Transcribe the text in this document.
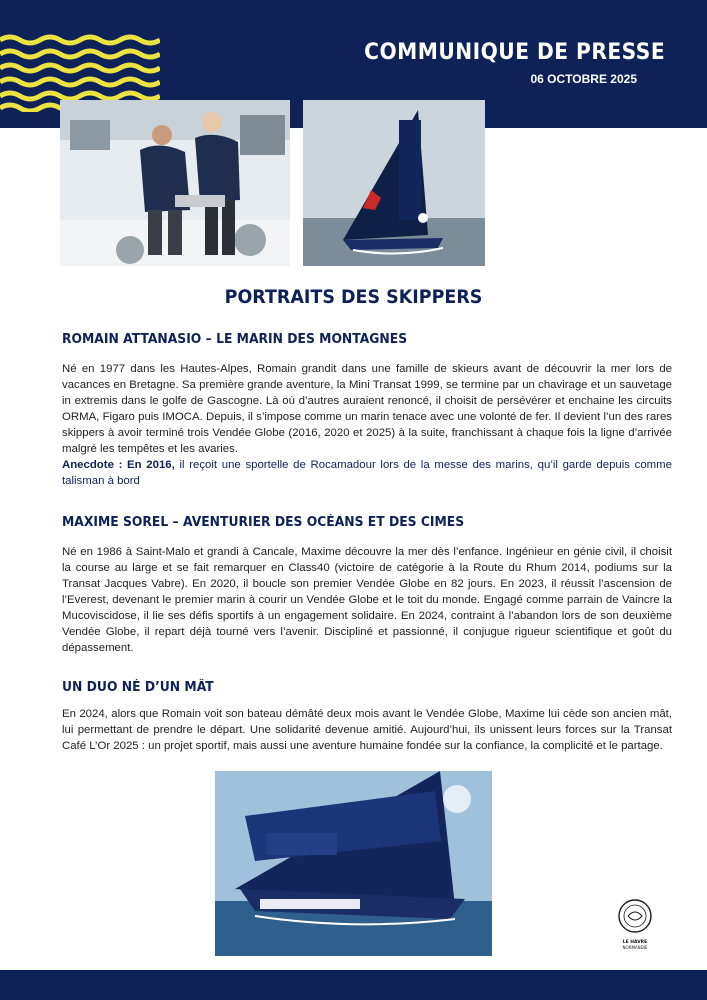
COMMUNIQUE DE PRESSE
06 OCTOBRE 2025
PORTRAITS DES SKIPPERS
ROMAIN ATTANASIO – LE MARIN DES MONTAGNES
Né en 1977 dans les Hautes-Alpes, Romain grandit dans une famille de skieurs avant de découvrir la mer lors de vacances en Bretagne. Sa première grande aventure, la Mini Transat 1999, se termine par un chavirage et un sauvetage in extremis dans le golfe de Gascogne. Là où d’autres auraient renoncé, il choisit de persévérer et enchaine les circuits ORMA, Figaro puis IMOCA. Depuis, il s’impose comme un marin tenace avec une volonté de fer. Il devient l’un des rares skippers à avoir terminé trois Vendée Globe (2016, 2020 et 2025) à la suite, franchissant à chaque fois la ligne d’arrivée malgré les tempêtes et les avaries.
Anecdote : En 2016, il reçoit une sportelle de Rocamadour lors de la messe des marins, qu’il garde depuis comme talisman à bord
MAXIME SOREL – AVENTURIER DES OCÉANS ET DES CIMES
Né en 1986 à Saint-Malo et grandi à Cancale, Maxime découvre la mer dès l’enfance. Ingénieur en génie civil, il choisit la course au large et se fait remarquer en Class40 (victoire de catégorie à la Route du Rhum 2014, podiums sur la Transat Jacques Vabre). En 2020, il boucle son premier Vendée Globe en 82 jours. En 2023, il réussit l’ascension de l’Everest, devenant le premier marin à courir un Vendée Globe et le toit du monde. Engagé comme parrain de Vaincre la Mucoviscidose, il lie ses défis sportifs à un engagement solidaire. En 2024, contraint à l’abandon lors de son deuxième Vendée Globe, il repart déjà tourné vers l’avenir. Discipliné et passionné, il conjugue rigueur scientifique et goût du dépassement.
UN DUO NÉ D’UN MÂT
En 2024, alors que Romain voit son bateau démâté deux mois avant le Vendée Globe, Maxime lui cède son ancien mât, lui permettant de prendre le départ. Une solidarité devenue amitié. Aujourd’hui, ils unissent leurs forces sur la Transat Café L’Or 2025 : un projet sportif, mais aussi une aventure humaine fondée sur la confiance, la complicité et le partage.
LE HAVRE
NORMANDIE
